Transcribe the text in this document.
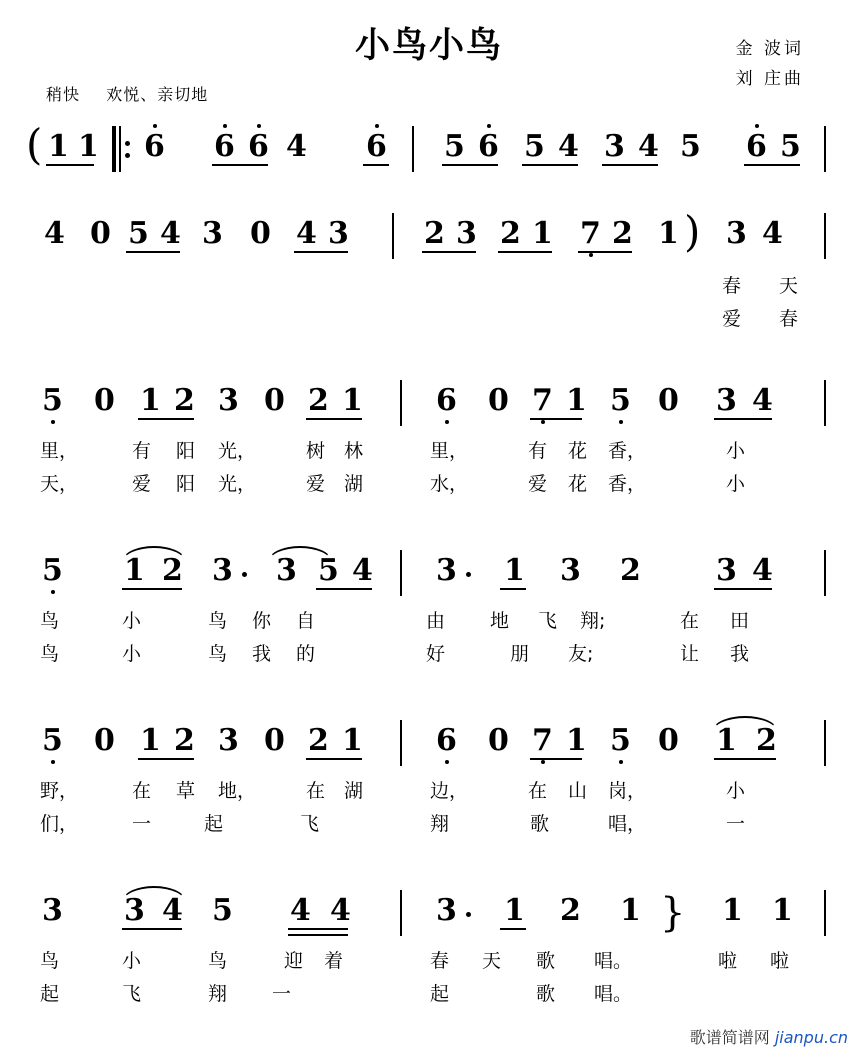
小鸟小鸟	金 波词
刘 庄曲
稍快 欢悦、亲切地
( 1 1 6 6 6 4 6 5 6 5 4 3 4 5 6 5
4 0 5 4 3 0 4 3	2 3 2 1 7 2 1 ) 3 4
春 天
爱 春
5 0 1 2 3 0 2 1 6 0 7 1 5 0 3 4
里，	有 阳 光，	树 林	里，	有 花 香，	小
天，	爱 阳 光，	爱 湖	水，	爱 花 香，	小
5 1 2 3 3 5 4 3 1 3 2	3 4
鸟	小	鸟 你 自	由 地 飞 翔;	在 田
鸟	小	鸟 我 的	好	朋 友;	让 我
5 0 1 2 3 0 2 1 6 0 7 1 5 0 1 2
野，	在 草 地，	在 湖	边，	在 山 岗，	小
们，	一	起	飞	翔	歌	唱，	一
3 3 4 5 4 4	3 1 2 1 } 1 1
鸟	小	鸟	迎 着	春 天 歌 唱。	啦 啦
起	飞	翔 一	起	歌 唱。
歌谱简谱网 jianpu.cn
